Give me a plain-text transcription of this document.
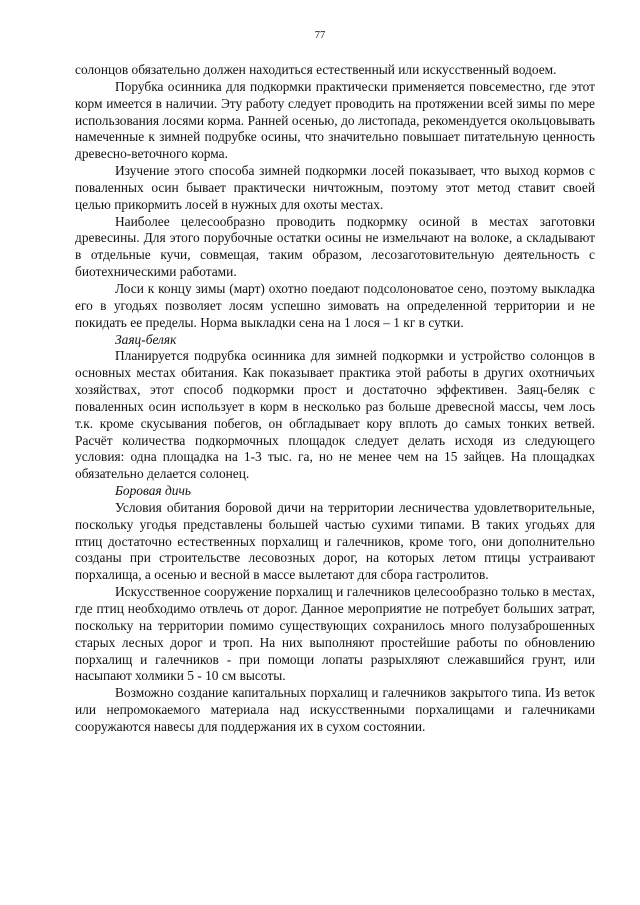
77

солонцов обязательно должен находиться естественный или искусственный водоем.

Порубка осинника для подкормки практически применяется повсеместно, где этот корм имеется в наличии. Эту работу следует проводить на протяжении всей зимы по мере использования лосями корма. Ранней осенью, до листопада, рекомендуется окольцовывать намеченные к зимней подрубке осины, что значительно повышает питательную ценность древесно-веточного корма.

Изучение этого способа зимней подкормки лосей показывает, что выход кормов с поваленных осин бывает практически ничтожным, поэтому этот метод ставит своей целью прикормить лосей в нужных для охоты местах.

Наиболее целесообразно проводить подкормку осиной в местах заготовки древесины. Для этого порубочные остатки осины не измельчают на волоке, а складывают в отдельные кучи, совмещая, таким образом, лесозаготовительную деятельность с биотехническими работами.

Лоси к концу зимы (март) охотно поедают подсолоноватое сено, поэтому выкладка его в угодьях позволяет лосям успешно зимовать на определенной территории и не покидать ее пределы. Норма выкладки сена на 1 лося – 1 кг в сутки.

Заяц-беляк

Планируется подрубка осинника для зимней подкормки и устройство солонцов в основных местах обитания. Как показывает практика этой работы в других охотничьих хозяйствах, этот способ подкормки прост и достаточно эффективен. Заяц-беляк с поваленных осин использует в корм в несколько раз больше древесной массы, чем лось т.к. кроме скусывания побегов, он обгладывает кору вплоть до самых тонких ветвей. Расчёт количества подкормочных площадок следует делать исходя из следующего условия: одна площадка на 1-3 тыс. га, но не менее чем на 15 зайцев. На площадках обязательно делается солонец.

Боровая дичь

Условия обитания боровой дичи на территории лесничества удовлетворительные, поскольку угодья представлены большей частью сухими типами. В таких угодьях для птиц достаточно естественных порхалищ и галечников, кроме того, они дополнительно созданы при строительстве лесовозных дорог, на которых летом птицы устраивают порхалища, а осенью и весной в массе вылетают для сбора гастролитов.

Искусственное сооружение порхалищ и галечников целесообразно только в местах, где птиц необходимо отвлечь от дорог. Данное мероприятие не потребует больших затрат, поскольку на территории помимо существующих сохранилось много полузаброшенных старых лесных дорог и троп. На них выполняют простейшие работы по обновлению порхалищ и галечников - при помощи лопаты разрыхляют слежавшийся грунт, или насыпают холмики 5 - 10 см высоты.

Возможно создание капитальных порхалищ и галечников закрытого типа. Из веток или непромокаемого материала над искусственными порхалищами и галечниками сооружаются навесы для поддержания их в сухом состоянии.
